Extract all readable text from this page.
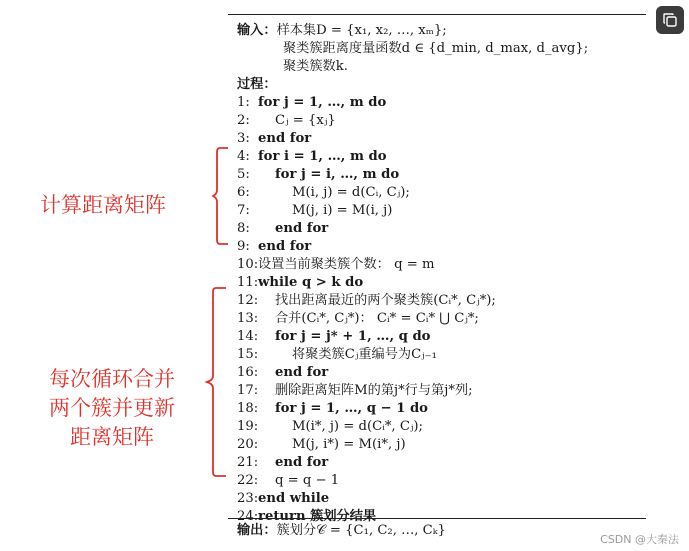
输入：样本集D = {x₁, x₂, …, xₘ};
聚类簇距离度量函数d ∈ {d_min, d_max, d_avg};
聚类簇数k.
过程：
1: for j = 1, …, m do
2: Cⱼ = {xⱼ}
3: end for
4: for i = 1, …, m do
5: for j = i, …, m do
6:	M(i, j) = d(Cᵢ, Cⱼ);
7:	M(j, i) = M(i, j)
8: end for
9: end for
10: 设置当前聚类簇个数： q = m
11: while q > k do
12: 找出距离最近的两个聚类簇(Cᵢ*, Cⱼ*);
13: 合并(Cᵢ*, Cⱼ*)： Cᵢ* = Cᵢ* ⋃ Cⱼ*;
14: for j = j* + 1, …, q do
15:	将聚类簇Cⱼ重编号为Cⱼ₋₁
16: end for
17: 删除距离矩阵M的第j*行与第j*列;
18: for j = 1, …, q − 1 do
19:	M(i*, j) = d(Cᵢ*, Cⱼ);
20:	M(j, i*) = M(i*, j)
21: end for
22: q = q − 1
23: end while
24: return 簇划分结果
输出：簇划分𝒞 = {C₁, C₂, …, Cₖ}
计算距离矩阵
每次循环合并
两个簇并更新
距离矩阵
CSDN @大秦法
